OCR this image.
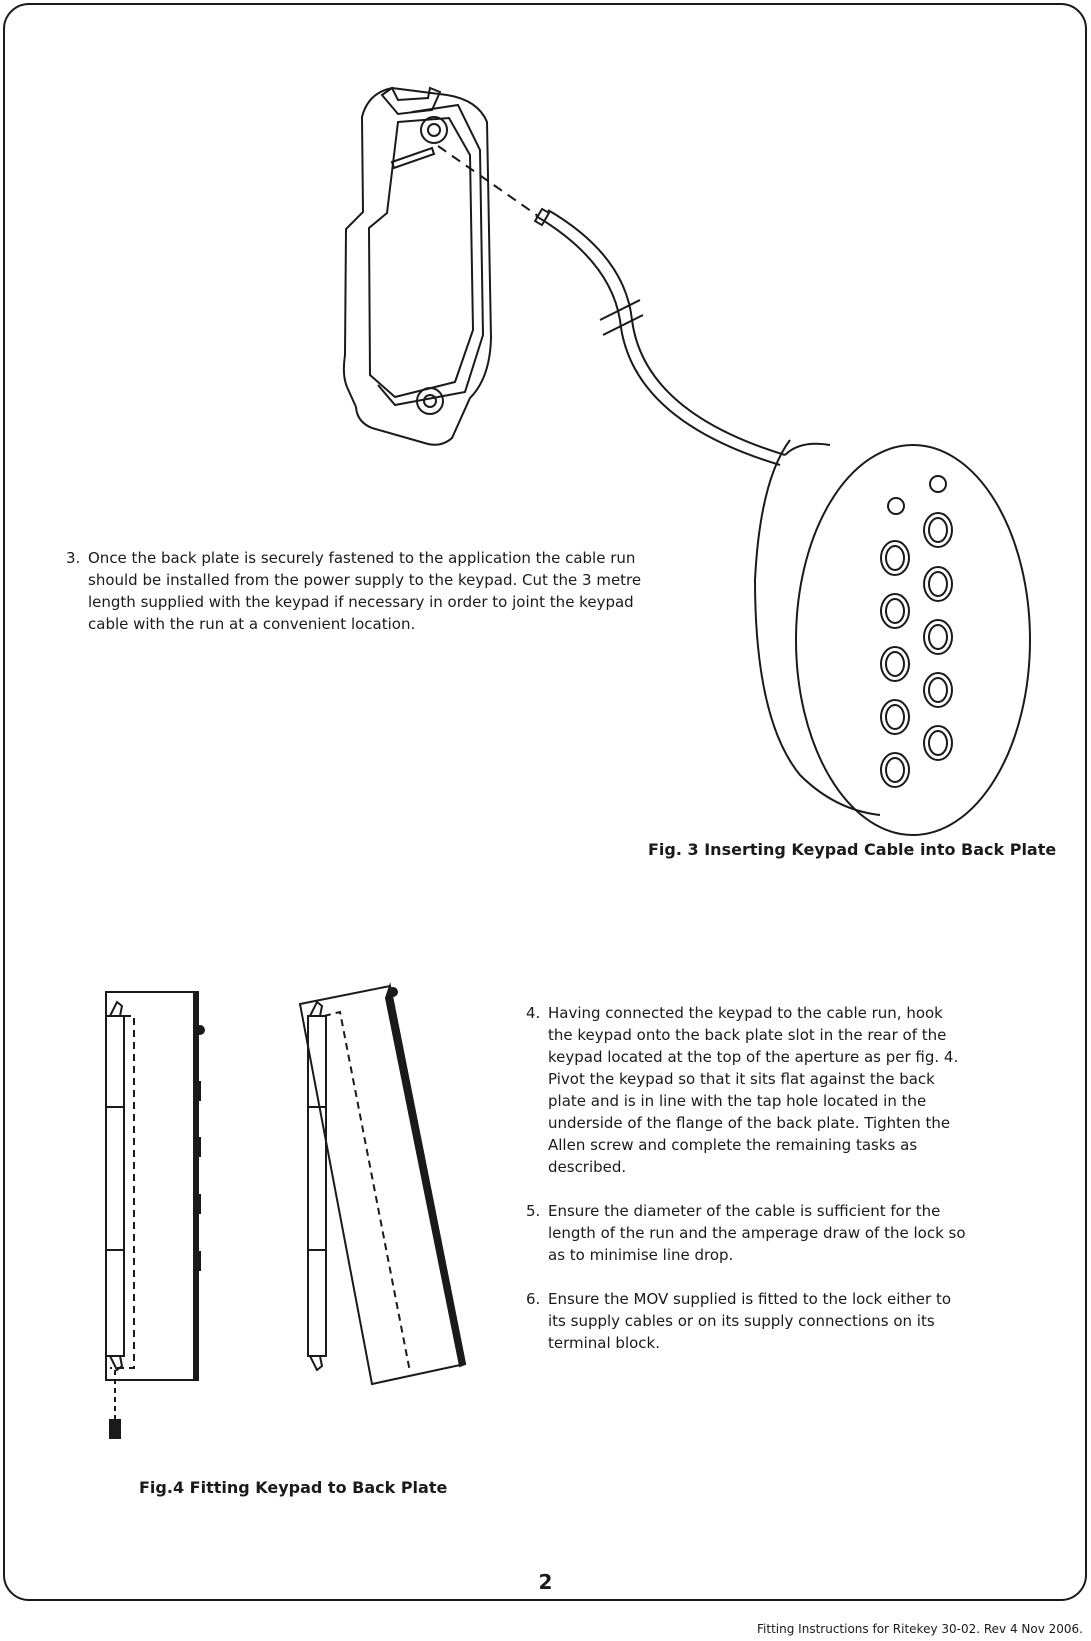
3. Once the back plate is securely fastened to the application the cable run should be installed from the power supply to the keypad. Cut the 3 metre length supplied with the keypad if necessary in order to joint the keypad cable with the run at a convenient location.
Fig. 3 Inserting Keypad Cable into Back Plate
4. Having connected the keypad to the cable run, hook the keypad onto the back plate slot in the rear of the keypad located at the top of the aperture as per fig. 4.
Pivot the keypad so that it sits flat against the back plate and is in line with the tap hole located in the underside of the flange of the back plate. Tighten the Allen screw and complete the remaining tasks as described.
5. Ensure the diameter of the cable is sufficient for the length of the run and the amperage draw of the lock so as to minimise line drop.
6. Ensure the MOV supplied is fitted to the lock either to its supply cables or on its supply connections on its terminal block.
Fig.4 Fitting Keypad to Back Plate
2
Fitting Instructions for Ritekey 30-02. Rev 4 Nov 2006.
